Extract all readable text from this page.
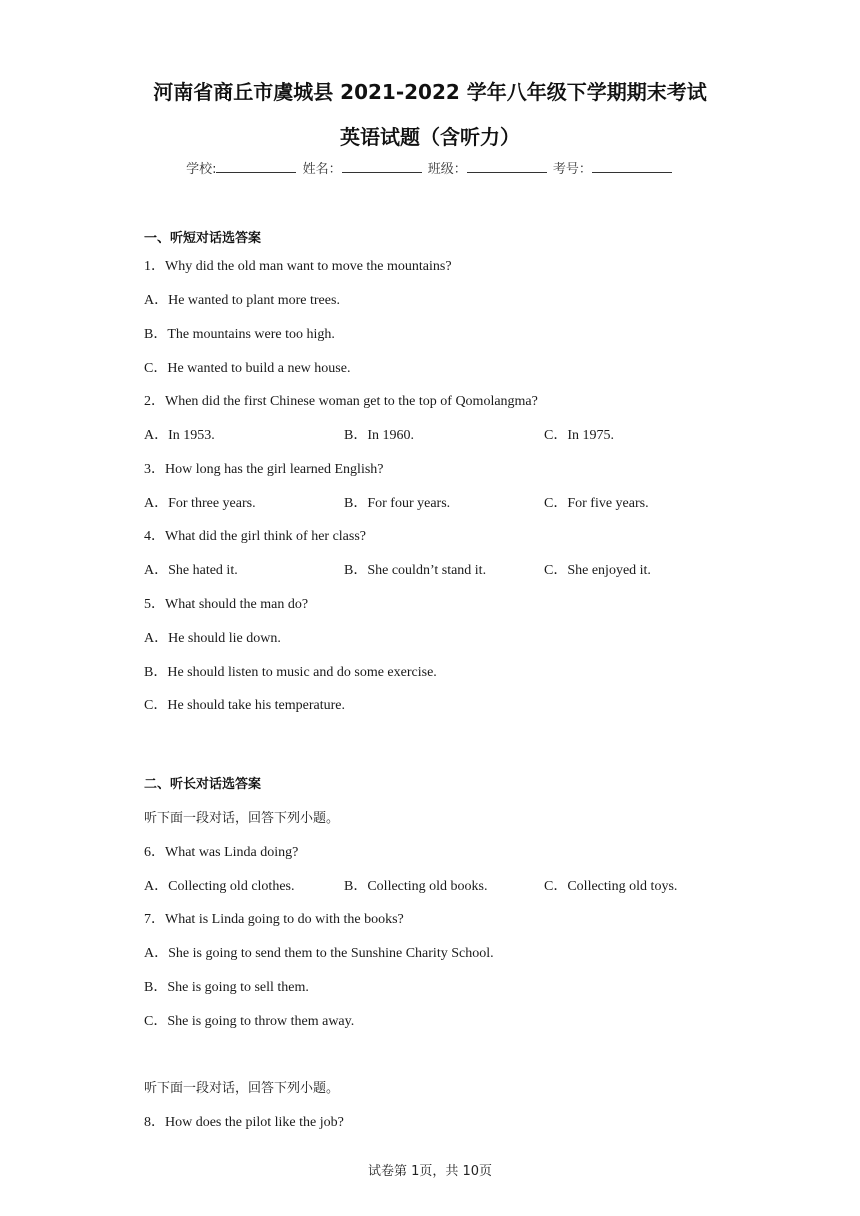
河南省商丘市虞城县 2021-2022 学年八年级下学期期末考试
英语试题（含听力）
学校:	姓名：	班级：	考号：
一、听短对话选答案
1．Why did the old man want to move the mountains?
A．He wanted to plant more trees.
B．The mountains were too high.
C．He wanted to build a new house.
2．When did the first Chinese woman get to the top of Qomolangma?
A．In 1953.	B．In 1960.	C．In 1975.
3．How long has the girl learned English?
A．For three years.	B．For four years.	C．For five years.
4．What did the girl think of her class?
A．She hated it.	B．She couldn’t stand it.	C．She enjoyed it.
5．What should the man do?
A．He should lie down.
B．He should listen to music and do some exercise.
C．He should take his temperature.
二、听长对话选答案
听下面一段对话，回答下列小题。
6．What was Linda doing?
A．Collecting old clothes.	B．Collecting old books.	C．Collecting old toys.
7．What is Linda going to do with the books?
A．She is going to send them to the Sunshine Charity School.
B．She is going to sell them.
C．She is going to throw them away.
听下面一段对话，回答下列小题。
8．How does the pilot like the job?
试卷第 1页，共 10页
